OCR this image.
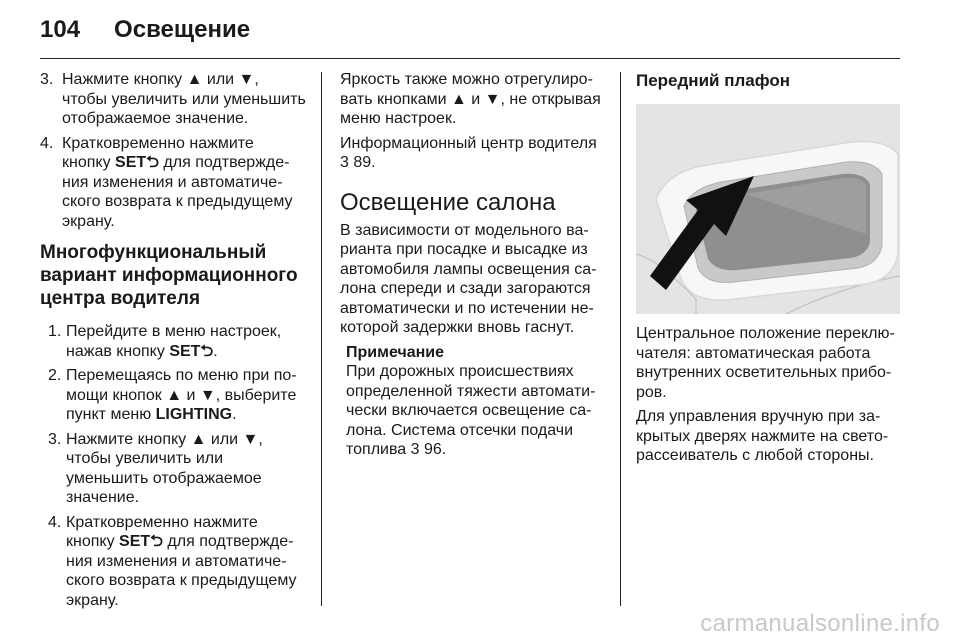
104 Освещение
3. Нажмите кнопку ▲ или ▼, чтобы увеличить или уменьшить отображаемое значение.
4. Кратковременно нажмите кнопку SET⮌ для подтверждения изменения и автоматического возврата к предыдущему экрану.
Многофункциональный вариант информационного центра водителя
1. Перейдите в меню настроек, нажав кнопку SET⮌.
2. Перемещаясь по меню при помощи кнопок ▲ и ▼, выберите пункт меню LIGHTING.
3. Нажмите кнопку ▲ или ▼, чтобы увеличить или уменьшить отображаемое значение.
4. Кратковременно нажмите кнопку SET⮌ для подтверждения изменения и автоматического возврата к предыдущему экрану.

Яркость также можно отрегулировать кнопками ▲ и ▼, не открывая меню настроек.

Информационный центр водителя 3 89.

Освещение салона

В зависимости от модельного варианта при посадке и высадке из автомобиля лампы освещения салона спереди и сзади загораются автоматически и по истечении некоторой задержки вновь гаснут.

Примечание
При дорожных происшествиях определенной тяжести автоматически включается освещение салона. Система отсечки подачи топлива 3 96.
Передний плафон

Центральное положение переключателя: автоматическая работа внутренних осветительных приборов.

Для управления вручную при закрытых дверях нажмите на светорассеиватель с любой стороны.

carmanualsonline.info
